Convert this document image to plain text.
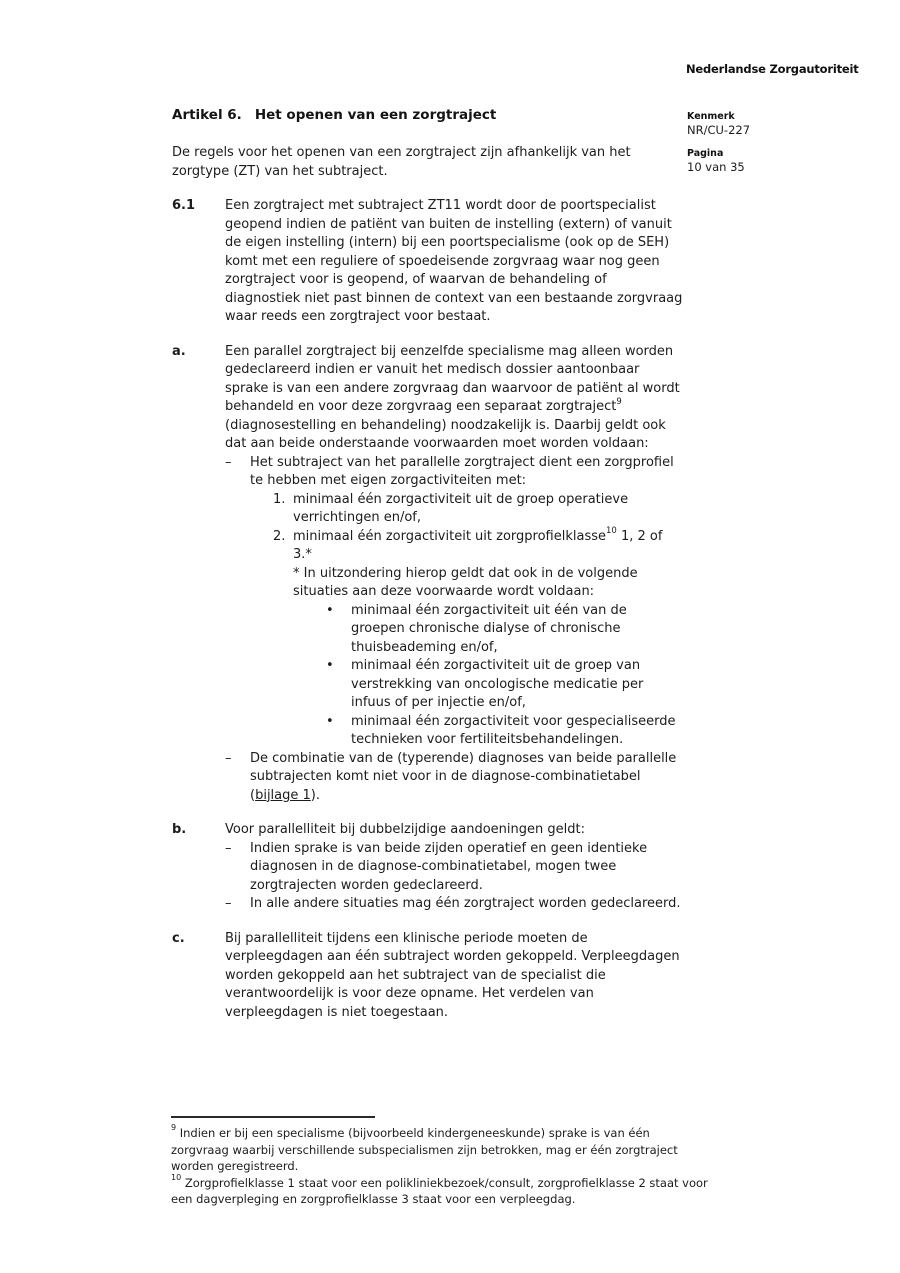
Nederlandse Zorgautoriteit
Kenmerk
NR/CU-227
Pagina
10 van 35
Artikel 6. Het openen van een zorgtraject

De regels voor het openen van een zorgtraject zijn afhankelijk van het zorgtype (ZT) van het subtraject.

6.1	Een zorgtraject met subtraject ZT11 wordt door de poortspecialist geopend indien de patiënt van buiten de instelling (extern) of vanuit de eigen instelling (intern) bij een poortspecialisme (ook op de SEH) komt met een reguliere of spoedeisende zorgvraag waar nog geen zorgtraject voor is geopend, of waarvan de behandeling of diagnostiek niet past binnen de context van een bestaande zorgvraag waar reeds een zorgtraject voor bestaat.

a.	Een parallel zorgtraject bij eenzelfde specialisme mag alleen worden gedeclareerd indien er vanuit het medisch dossier aantoonbaar sprake is van een andere zorgvraag dan waarvoor de patiënt al wordt behandeld en voor deze zorgvraag een separaat zorgtraject$^9$ (diagnosestelling en behandeling) noodzakelijk is. Daarbij geldt ook dat aan beide onderstaande voorwaarden moet worden voldaan:

–	Het subtraject van het parallelle zorgtraject dient een zorgprofiel te hebben met eigen zorgactiviteiten met:

1. minimaal één zorgactiviteit uit de groep operatieve verrichtingen en/of,

2. minimaal één zorgactiviteit uit zorgprofielklasse$^{10}$ 1, 2 of 3.*

* In uitzondering hierop geldt dat ook in de volgende situaties aan deze voorwaarde wordt voldaan:

•	minimaal één zorgactiviteit uit één van de groepen chronische dialyse of chronische thuisbeademing en/of,

•	minimaal één zorgactiviteit uit de groep van verstrekking van oncologische medicatie per infuus of per injectie en/of,

•	minimaal één zorgactiviteit voor gespecialiseerde technieken voor fertiliteitsbehandelingen.

–	De combinatie van de (typerende) diagnoses van beide parallelle subtrajecten komt niet voor in de diagnose-combinatietabel (bijlage 1).

b.	Voor parallelliteit bij dubbelzijdige aandoeningen geldt:

–	Indien sprake is van beide zijden operatief en geen identieke diagnosen in de diagnose-combinatietabel, mogen twee zorgtrajecten worden gedeclareerd.

–	In alle andere situaties mag één zorgtraject worden gedeclareerd.

c.	Bij parallelliteit tijdens een klinische periode moeten de verpleegdagen aan één subtraject worden gekoppeld. Verpleegdagen worden gekoppeld aan het subtraject van de specialist die verantwoordelijk is voor deze opname. Het verdelen van verpleegdagen is niet toegestaan.

$^9$ Indien er bij een specialisme (bijvoorbeeld kindergeneeskunde) sprake is van één zorgvraag waarbij verschillende subspecialismen zijn betrokken, mag er één zorgtraject worden geregistreerd.

$^{10}$ Zorgprofielklasse 1 staat voor een polikliniekbezoek/consult, zorgprofielklasse 2 staat voor een dagverpleging en zorgprofielklasse 3 staat voor een verpleegdag.
